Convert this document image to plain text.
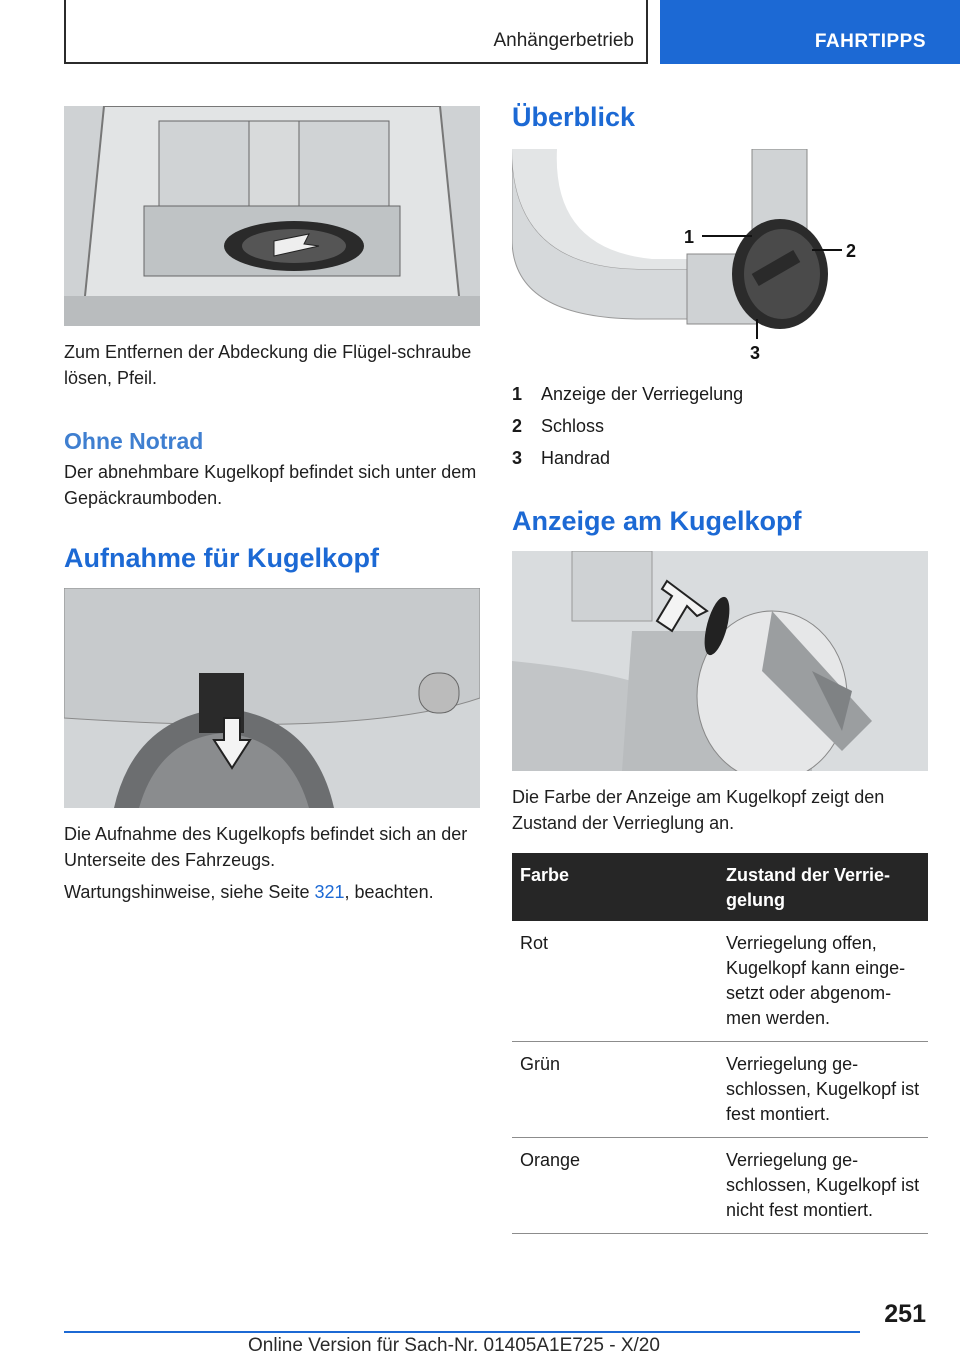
Anhängerbetrieb	FAHRTIPPS

Zum Entfernen der Abdeckung die Flügel-schraube lösen, Pfeil.

Ohne Notrad

Der abnehmbare Kugelkopf befindet sich unter dem Gepäckraumboden.

Aufnahme für Kugelkopf

Die Aufnahme des Kugelkopfs befindet sich an der Unterseite des Fahrzeugs.

Wartungshinweise, siehe Seite 321, beachten.

Überblick
1
2
3
1	Anzeige der Verriegelung
2	Schloss
3	Handrad
Anzeige am Kugelkopf

Die Farbe der Anzeige am Kugelkopf zeigt den Zustand der Verrieglung an.

Farbe	Zustand der Verrie-gelung
Rot	Verriegelung offen, Kugelkopf kann einge-setzt oder abgenom-men werden.
Grün	Verriegelung ge-schlossen, Kugelkopf ist fest montiert.
Orange	Verriegelung ge-schlossen, Kugelkopf ist nicht fest montiert.
251
Online Version für Sach-Nr. 01405A1E725 - X/20
